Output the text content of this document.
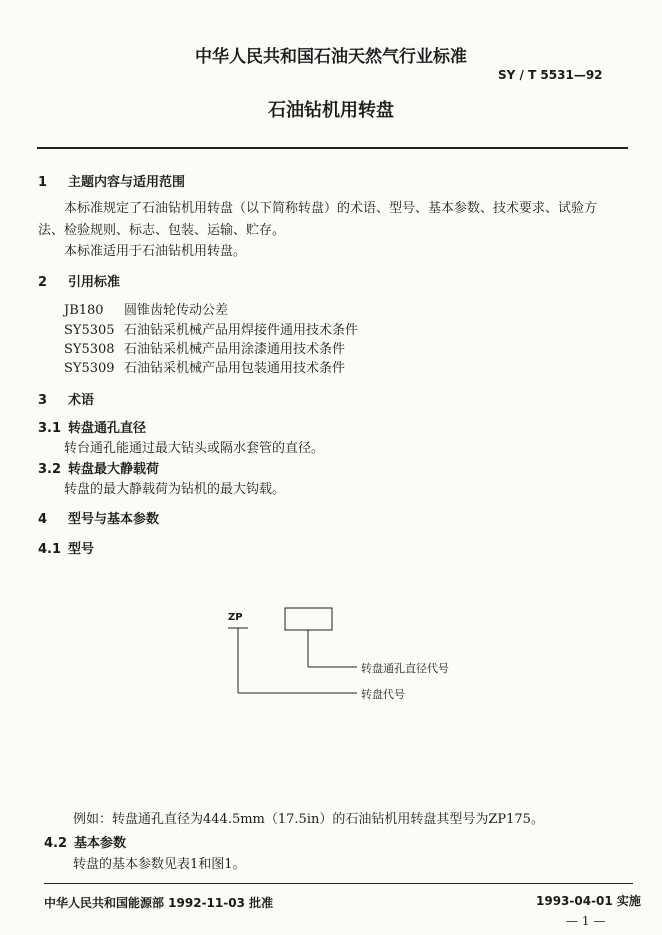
中华人民共和国石油天然气行业标准
SY / T 5531—92
石油钻机用转盘
1 主题内容与适用范围
本标准规定了石油钻机用转盘（以下简称转盘）的术语、型号、基本参数、技术要求、试验方
法、检验规则、标志、包装、运输、贮存。
本标准适用于石油钻机用转盘。
2 引用标准
JB180 圆锥齿轮传动公差
SY5305 石油钻采机械产品用焊接件通用技术条件
SY5308 石油钻采机械产品用涂漆通用技术条件
SY5309 石油钻采机械产品用包装通用技术条件
3 术语
3.1 转盘通孔直径
转台通孔能通过最大钻头或隔水套管的直径。
3.2 转盘最大静载荷
转盘的最大静载荷为钻机的最大钩载。
4 型号与基本参数
4.1 型号
ZP
转盘通孔直径代号
转盘代号
例如：转盘通孔直径为444.5mm（17.5in）的石油钻机用转盘其型号为ZP175。
4.2 基本参数
转盘的基本参数见表1和图1。
中华人民共和国能源部 1992-11-03 批准	1993-04-01 实施
— 1 —
